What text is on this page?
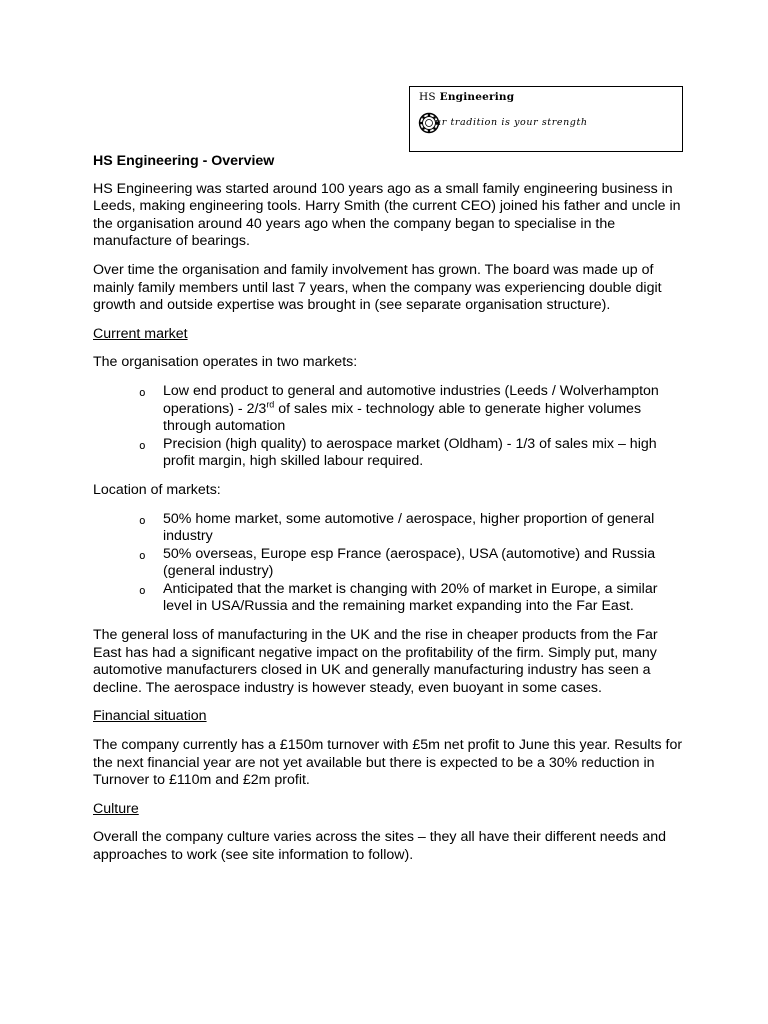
HS Engineering
ur tradition is your strength
HS Engineering - Overview

HS Engineering was started around 100 years ago as a small family engineering business in Leeds, making engineering tools. Harry Smith (the current CEO) joined his father and uncle in the organisation around 40 years ago when the company began to specialise in the manufacture of bearings.

Over time the organisation and family involvement has grown. The board was made up of mainly family members until last 7 years, when the company was experiencing double digit growth and outside expertise was brought in (see separate organisation structure).

Current market

The organisation operates in two markets:

o Low end product to general and automotive industries (Leeds / Wolverhampton operations) - 2/3rd of sales mix - technology able to generate higher volumes through automation
o Precision (high quality) to aerospace market (Oldham) - 1/3 of sales mix – high profit margin, high skilled labour required.

Location of markets:

o 50% home market, some automotive / aerospace, higher proportion of general industry
o 50% overseas, Europe esp France (aerospace), USA (automotive) and Russia (general industry)
o Anticipated that the market is changing with 20% of market in Europe, a similar level in USA/Russia and the remaining market expanding into the Far East.

The general loss of manufacturing in the UK and the rise in cheaper products from the Far East has had a significant negative impact on the profitability of the firm. Simply put, many automotive manufacturers closed in UK and generally manufacturing industry has seen a decline. The aerospace industry is however steady, even buoyant in some cases.

Financial situation

The company currently has a £150m turnover with £5m net profit to June this year. Results for the next financial year are not yet available but there is expected to be a 30% reduction in Turnover to £110m and £2m profit.

Culture

Overall the company culture varies across the sites – they all have their different needs and approaches to work (see site information to follow).
